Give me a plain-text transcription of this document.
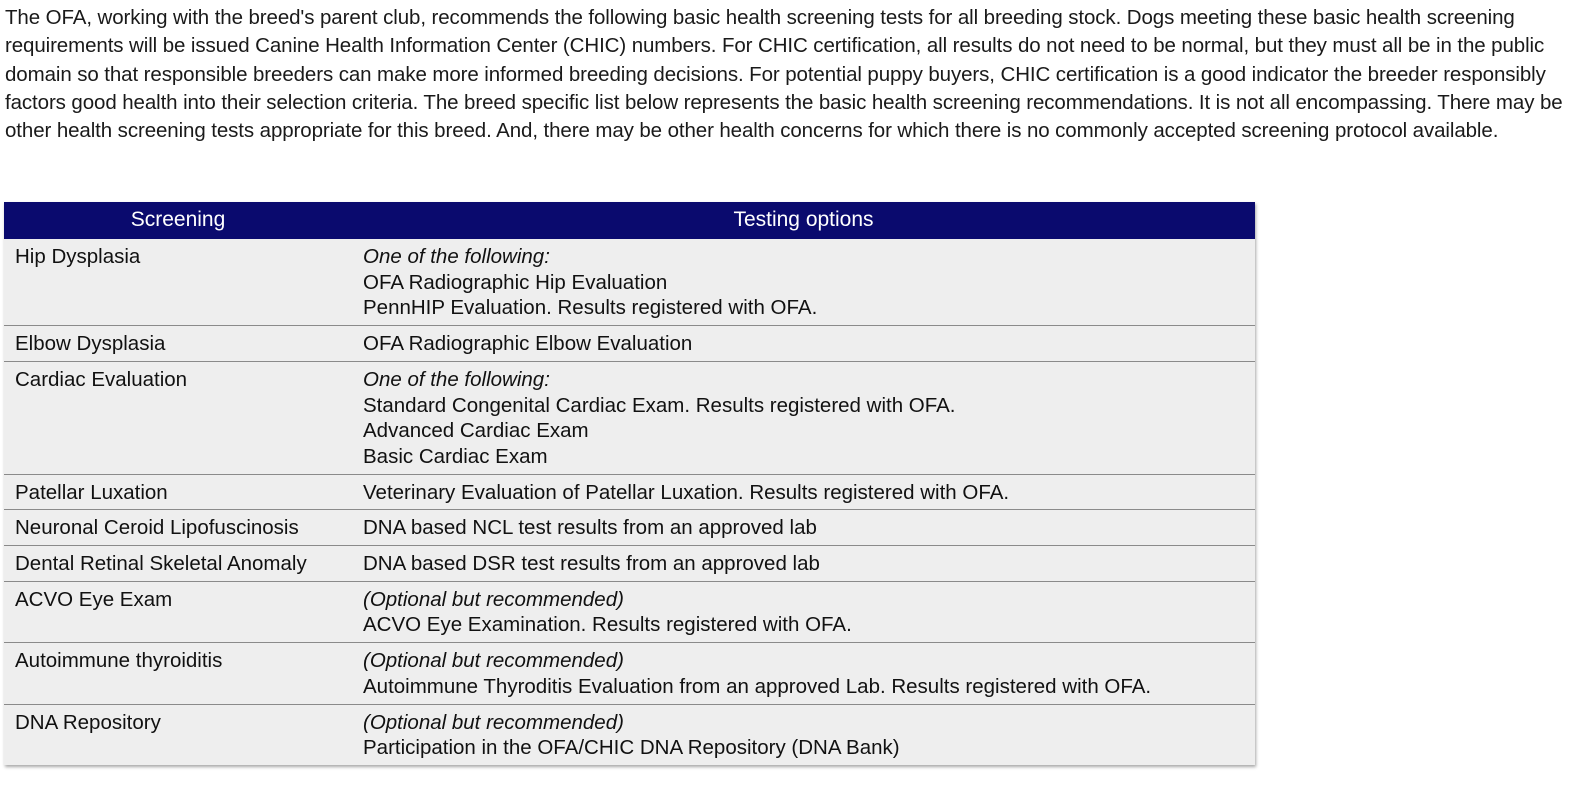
The OFA, working with the breed's parent club, recommends the following basic health screening tests for all breeding stock. Dogs meeting these basic health screening requirements will be issued Canine Health Information Center (CHIC) numbers. For CHIC certification, all results do not need to be normal, but they must all be in the public domain so that responsible breeders can make more informed breeding decisions. For potential puppy buyers, CHIC certification is a good indicator the breeder responsibly factors good health into their selection criteria. The breed specific list below represents the basic health screening recommendations. It is not all encompassing. There may be other health screening tests appropriate for this breed. And, there may be other health concerns for which there is no commonly accepted screening protocol available.

Screening	Testing options
Hip Dysplasia	One of the following:
OFA Radiographic Hip Evaluation
PennHIP Evaluation. Results registered with OFA.

Elbow Dysplasia	OFA Radiographic Elbow Evaluation

Cardiac Evaluation	One of the following:
Standard Congenital Cardiac Exam. Results registered with OFA.
Advanced Cardiac Exam
Basic Cardiac Exam

Patellar Luxation	Veterinary Evaluation of Patellar Luxation. Results registered with OFA.

Neuronal Ceroid Lipofuscinosis	DNA based NCL test results from an approved lab

Dental Retinal Skeletal Anomaly	DNA based DSR test results from an approved lab

ACVO Eye Exam	(Optional but recommended)
ACVO Eye Examination. Results registered with OFA.

Autoimmune thyroiditis	(Optional but recommended)
Autoimmune Thyroditis Evaluation from an approved Lab. Results registered with OFA.

DNA Repository	(Optional but recommended)
Participation in the OFA/CHIC DNA Repository (DNA Bank)
